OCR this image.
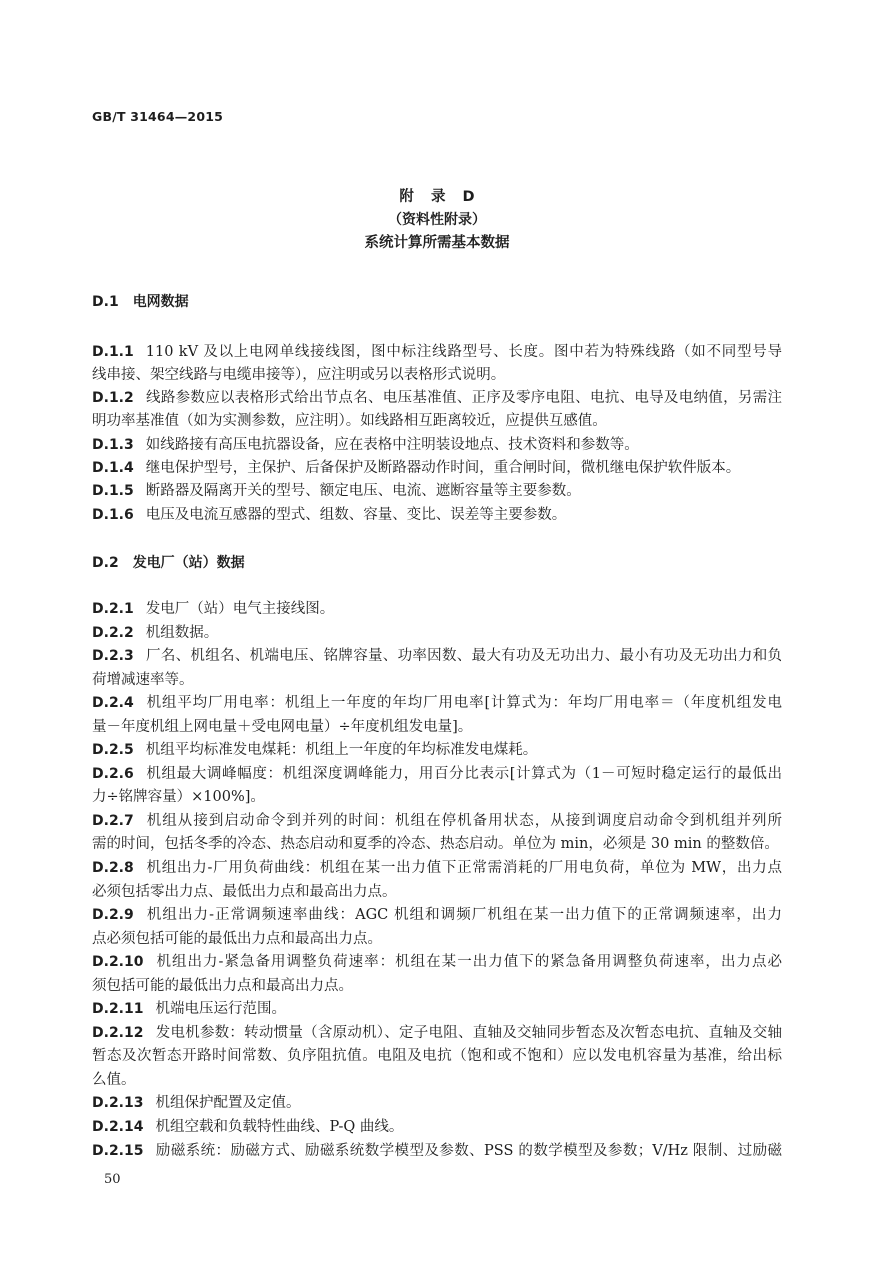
GB/T 31464—2015
附 录 D
（资料性附录）
系统计算所需基本数据
D.1 电网数据
D.1.1 110 kV 及以上电网单线接线图，图中标注线路型号、长度。图中若为特殊线路（如不同型号导
线串接、架空线路与电缆串接等），应注明或另以表格形式说明。
D.1.2 线路参数应以表格形式给出节点名、电压基准值、正序及零序电阻、电抗、电导及电纳值，另需注
明功率基准值（如为实测参数，应注明）。如线路相互距离较近，应提供互感值。
D.1.3 如线路接有高压电抗器设备，应在表格中注明装设地点、技术资料和参数等。
D.1.4 继电保护型号，主保护、后备保护及断路器动作时间，重合闸时间，微机继电保护软件版本。
D.1.5 断路器及隔离开关的型号、额定电压、电流、遮断容量等主要参数。
D.1.6 电压及电流互感器的型式、组数、容量、变比、误差等主要参数。
D.2 发电厂（站）数据
D.2.1 发电厂（站）电气主接线图。
D.2.2 机组数据。
D.2.3 厂名、机组名、机端电压、铭牌容量、功率因数、最大有功及无功出力、最小有功及无功出力和负
荷增减速率等。
D.2.4 机组平均厂用电率：机组上一年度的年均厂用电率[计算式为：年均厂用电率＝（年度机组发电
量－年度机组上网电量＋受电网电量）÷年度机组发电量]。
D.2.5 机组平均标准发电煤耗：机组上一年度的年均标准发电煤耗。
D.2.6 机组最大调峰幅度：机组深度调峰能力，用百分比表示[计算式为（1－可短时稳定运行的最低出
力÷铭牌容量）×100%]。
D.2.7 机组从接到启动命令到并列的时间：机组在停机备用状态，从接到调度启动命令到机组并列所
需的时间，包括冬季的冷态、热态启动和夏季的冷态、热态启动。单位为 min，必须是 30 min 的整数倍。
D.2.8 机组出力-厂用负荷曲线：机组在某一出力值下正常需消耗的厂用电负荷，单位为 MW，出力点
必须包括零出力点、最低出力点和最高出力点。
D.2.9 机组出力-正常调频速率曲线：AGC 机组和调频厂机组在某一出力值下的正常调频速率，出力
点必须包括可能的最低出力点和最高出力点。
D.2.10 机组出力-紧急备用调整负荷速率：机组在某一出力值下的紧急备用调整负荷速率，出力点必
须包括可能的最低出力点和最高出力点。
D.2.11 机端电压运行范围。
D.2.12 发电机参数：转动惯量（含原动机）、定子电阻、直轴及交轴同步暂态及次暂态电抗、直轴及交轴
暂态及次暂态开路时间常数、负序阻抗值。电阻及电抗（饱和或不饱和）应以发电机容量为基准，给出标
么值。
D.2.13 机组保护配置及定值。
D.2.14 机组空载和负载特性曲线、P-Q 曲线。
D.2.15 励磁系统：励磁方式、励磁系统数学模型及参数、PSS 的数学模型及参数；V/Hz 限制、过励磁
50
